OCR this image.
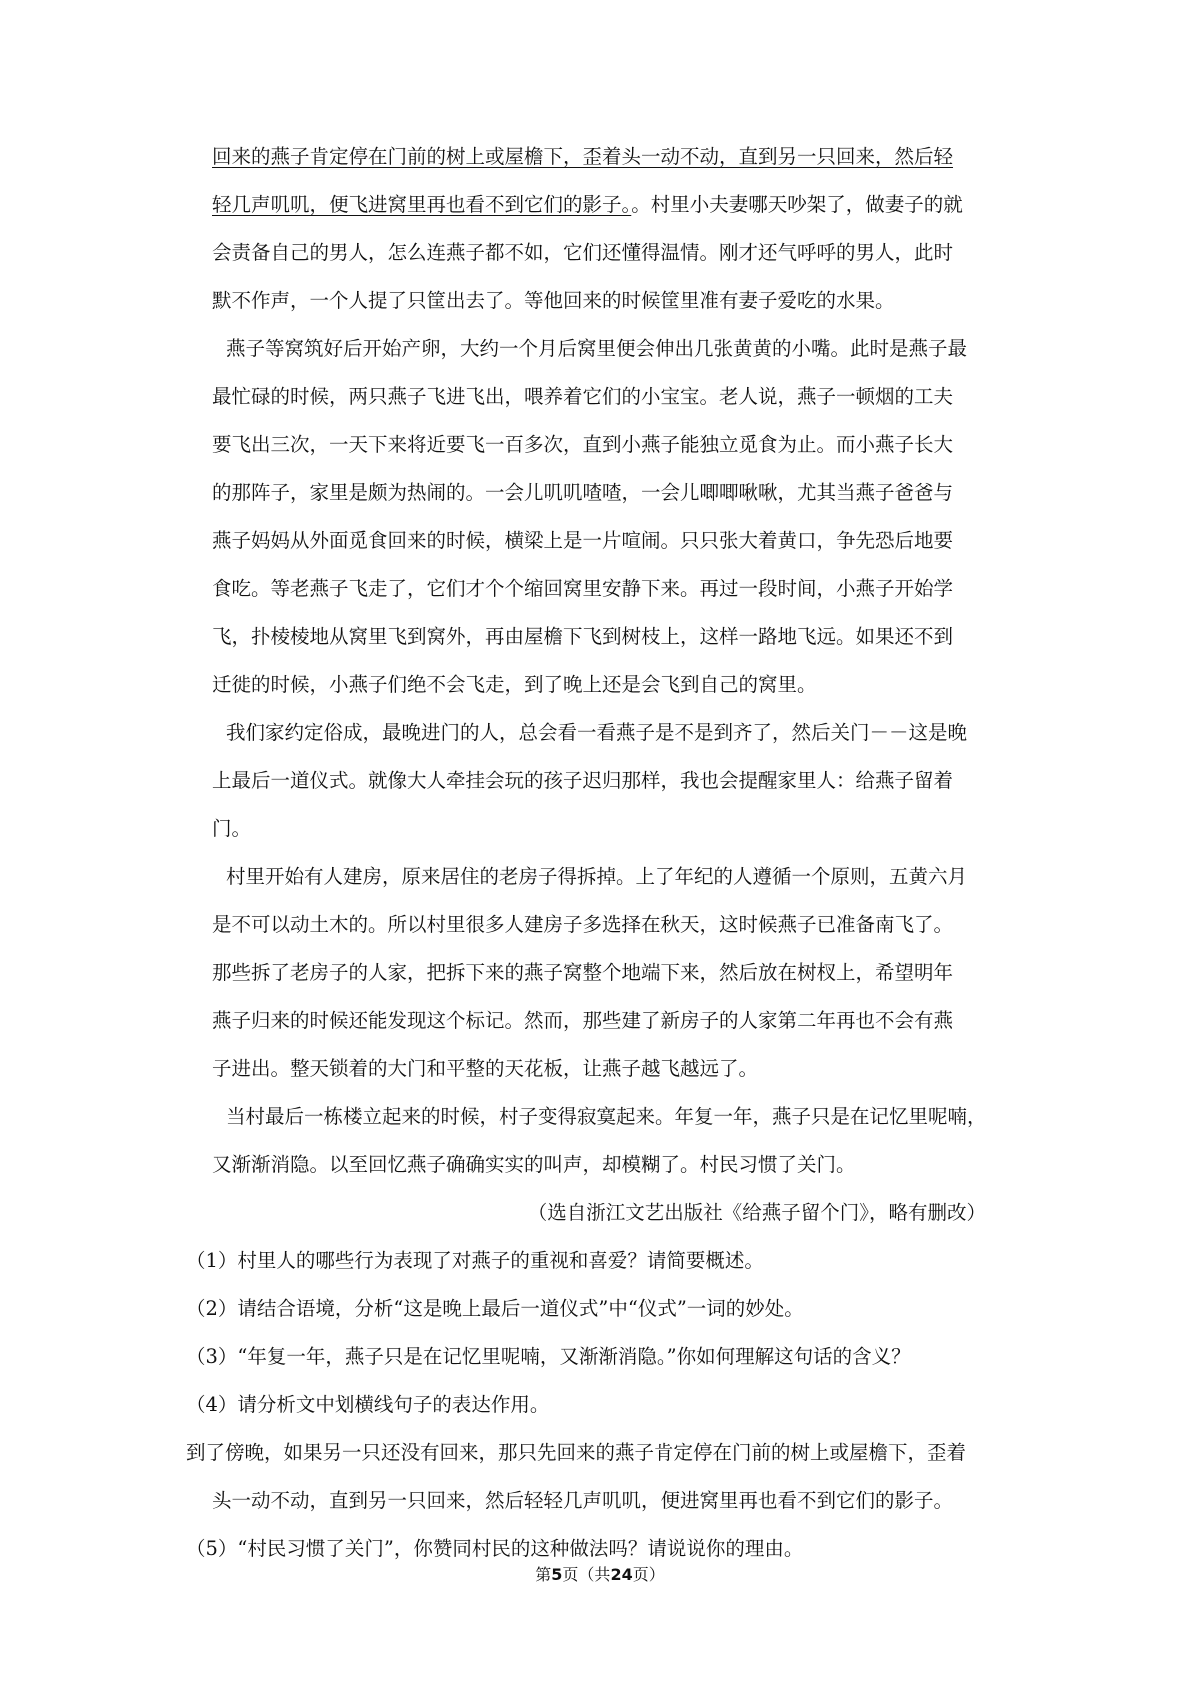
回来的燕子肯定停在门前的树上或屋檐下，歪着头一动不动，直到另一只回来，然后轻
轻几声叽叽，便飞进窝里再也看不到它们的影子。。村里小夫妻哪天吵架了，做妻子的就
会责备自己的男人，怎么连燕子都不如，它们还懂得温情。刚才还气呼呼的男人，此时
默不作声，一个人提了只筐出去了。等他回来的时候筐里准有妻子爱吃的水果。
燕子等窝筑好后开始产卵，大约一个月后窝里便会伸出几张黄黄的小嘴。此时是燕子最
最忙碌的时候，两只燕子飞进飞出，喂养着它们的小宝宝。老人说，燕子一顿烟的工夫
要飞出三次，一天下来将近要飞一百多次，直到小燕子能独立觅食为止。而小燕子长大
的那阵子，家里是颇为热闹的。一会儿叽叽喳喳，一会儿唧唧啾啾，尤其当燕子爸爸与
燕子妈妈从外面觅食回来的时候，横梁上是一片喧闹。只只张大着黄口，争先恐后地要
食吃。等老燕子飞走了，它们才个个缩回窝里安静下来。再过一段时间，小燕子开始学
飞，扑棱棱地从窝里飞到窝外，再由屋檐下飞到树枝上，这样一路地飞远。如果还不到
迁徙的时候，小燕子们绝不会飞走，到了晚上还是会飞到自己的窝里。
我们家约定俗成，最晚进门的人，总会看一看燕子是不是到齐了，然后关门－－这是晚
上最后一道仪式。就像大人牵挂会玩的孩子迟归那样，我也会提醒家里人：给燕子留着
门。
村里开始有人建房，原来居住的老房子得拆掉。上了年纪的人遵循一个原则，五黄六月
是不可以动土木的。所以村里很多人建房子多选择在秋天，这时候燕子已准备南飞了。
那些拆了老房子的人家，把拆下来的燕子窝整个地端下来，然后放在树杈上，希望明年
燕子归来的时候还能发现这个标记。然而，那些建了新房子的人家第二年再也不会有燕
子进出。整天锁着的大门和平整的天花板，让燕子越飞越远了。
当村最后一栋楼立起来的时候，村子变得寂寞起来。年复一年，燕子只是在记忆里呢喃，
又渐渐消隐。以至回忆燕子确确实实的叫声，却模糊了。村民习惯了关门。
（选自浙江文艺出版社《给燕子留个门》，略有删改）
（1）村里人的哪些行为表现了对燕子的重视和喜爱？请简要概述。
（2）请结合语境，分析“这是晚上最后一道仪式”中“仪式”一词的妙处。
（3）“年复一年，燕子只是在记忆里呢喃，又渐渐消隐。”你如何理解这句话的含义？
（4）请分析文中划横线句子的表达作用。
到了傍晚，如果另一只还没有回来，那只先回来的燕子肯定停在门前的树上或屋檐下，歪着
头一动不动，直到另一只回来，然后轻轻几声叽叽，便进窝里再也看不到它们的影子。
（5）“村民习惯了关门”，你赞同村民的这种做法吗？请说说你的理由。
第5页（共24页）
